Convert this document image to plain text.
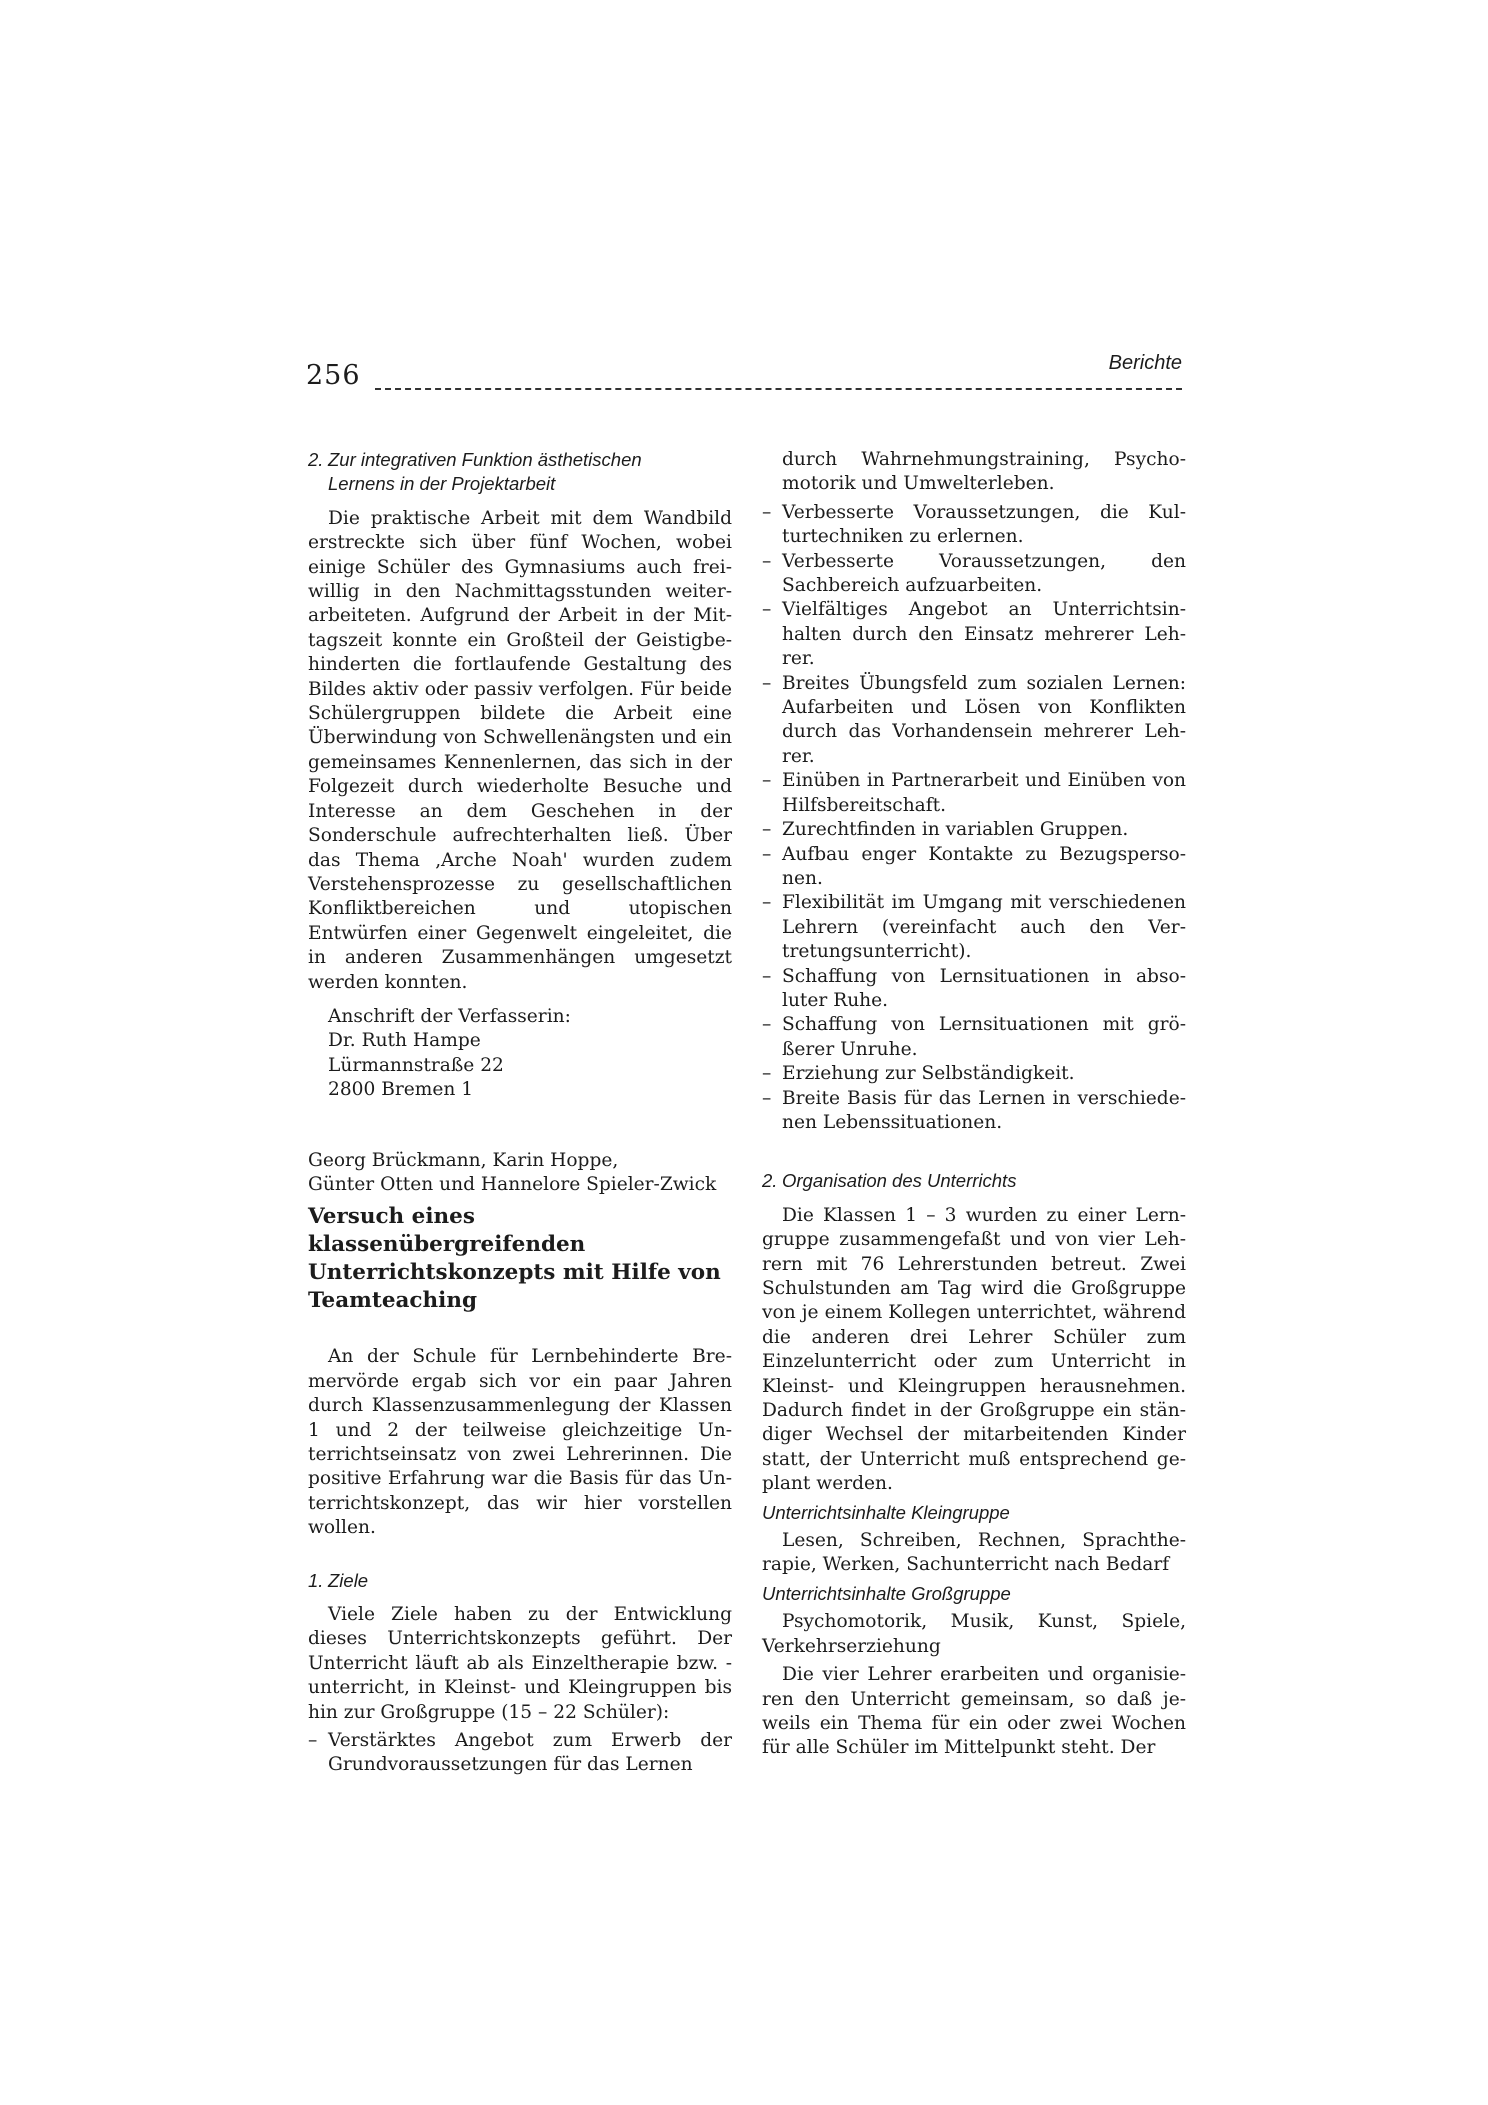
256	Berichte
2. Zur integrativen Funktion ästhetischen
Lernens in der Projektarbeit

Die praktische Arbeit mit dem Wandbild erstreckte sich über fünf Wochen, wobei einige Schüler des Gymnasiums auch freiwillig in den Nachmittagsstunden weiterarbeiteten. Aufgrund der Arbeit in der Mittagszeit konnte ein Großteil der Geistigbehinderten die fortlaufende Gestaltung des Bildes aktiv oder passiv verfolgen. Für beide Schülergruppen bildete die Arbeit eine Überwindung von Schwellenängsten und ein gemeinsames Kennenlernen, das sich in der Folgezeit durch wiederholte Besuche und Interesse an dem Geschehen in der Sonderschule aufrechterhalten ließ. Über das Thema ‚Arche Noah' wurden zudem Verstehensprozesse zu gesellschaftlichen Konfliktbereichen und utopischen Entwürfen einer Gegenwelt eingeleitet, die in anderen Zusammenhängen umgesetzt werden konnten.

Anschrift der Verfasserin:
Dr. Ruth Hampe
Lürmannstraße 22
2800 Bremen 1
Georg Brückmann, Karin Hoppe,
Günter Otten und Hannelore Spieler-Zwick
Versuch eines klassenübergreifenden Unterrichtskonzepts mit Hilfe von Teamteaching

An der Schule für Lernbehinderte Bremervörde ergab sich vor ein paar Jahren durch Klassenzusammenlegung der Klassen 1 und 2 der teilweise gleichzeitige Unterrichtseinsatz von zwei Lehrerinnen. Die positive Erfahrung war die Basis für das Unterrichtskonzept, das wir hier vorstellen wollen.

1. Ziele

Viele Ziele haben zu der Entwicklung dieses Unterrichtskonzepts geführt. Der Unterricht läuft ab als Einzeltherapie bzw. -unterricht, in Kleinst- und Kleingruppen bis hin zur Großgruppe (15 – 22 Schüler):

– Verstärktes Angebot zum Erwerb der Grundvoraussetzungen für das Lernen

durch Wahrnehmungstraining, Psychomotorik und Umwelterleben.

– Verbesserte Voraussetzungen, die Kulturtechniken zu erlernen.
– Verbesserte Voraussetzungen, den Sachbereich aufzuarbeiten.
– Vielfältiges Angebot an Unterrichtsinhalten durch den Einsatz mehrerer Lehrer.
– Breites Übungsfeld zum sozialen Lernen: Aufarbeiten und Lösen von Konflikten durch das Vorhandensein mehrerer Lehrer.
– Einüben in Partnerarbeit und Einüben von Hilfsbereitschaft.
– Zurechtfinden in variablen Gruppen.
– Aufbau enger Kontakte zu Bezugspersonen.
– Flexibilität im Umgang mit verschiedenen Lehrern (vereinfacht auch den Vertretungsunterricht).
– Schaffung von Lernsituationen in absoluter Ruhe.
– Schaffung von Lernsituationen mit größerer Unruhe.
– Erziehung zur Selbständigkeit.
– Breite Basis für das Lernen in verschiedenen Lebenssituationen.
2. Organisation des Unterrichts

Die Klassen 1 – 3 wurden zu einer Lerngruppe zusammengefaßt und von vier Lehrern mit 76 Lehrerstunden betreut. Zwei Schulstunden am Tag wird die Großgruppe von je einem Kollegen unterrichtet, während die anderen drei Lehrer Schüler zum Einzelunterricht oder zum Unterricht in Kleinst- und Kleingruppen herausnehmen. Dadurch findet in der Großgruppe ein ständiger Wechsel der mitarbeitenden Kinder statt, der Unterricht muß entsprechend geplant werden.

Unterrichtsinhalte Kleingruppe

Lesen, Schreiben, Rechnen, Sprachtherapie, Werken, Sachunterricht nach Bedarf

Unterrichtsinhalte Großgruppe

Psychomotorik, Musik, Kunst, Spiele, Verkehrserziehung

Die vier Lehrer erarbeiten und organisieren den Unterricht gemeinsam, so daß jeweils ein Thema für ein oder zwei Wochen für alle Schüler im Mittelpunkt steht. Der
